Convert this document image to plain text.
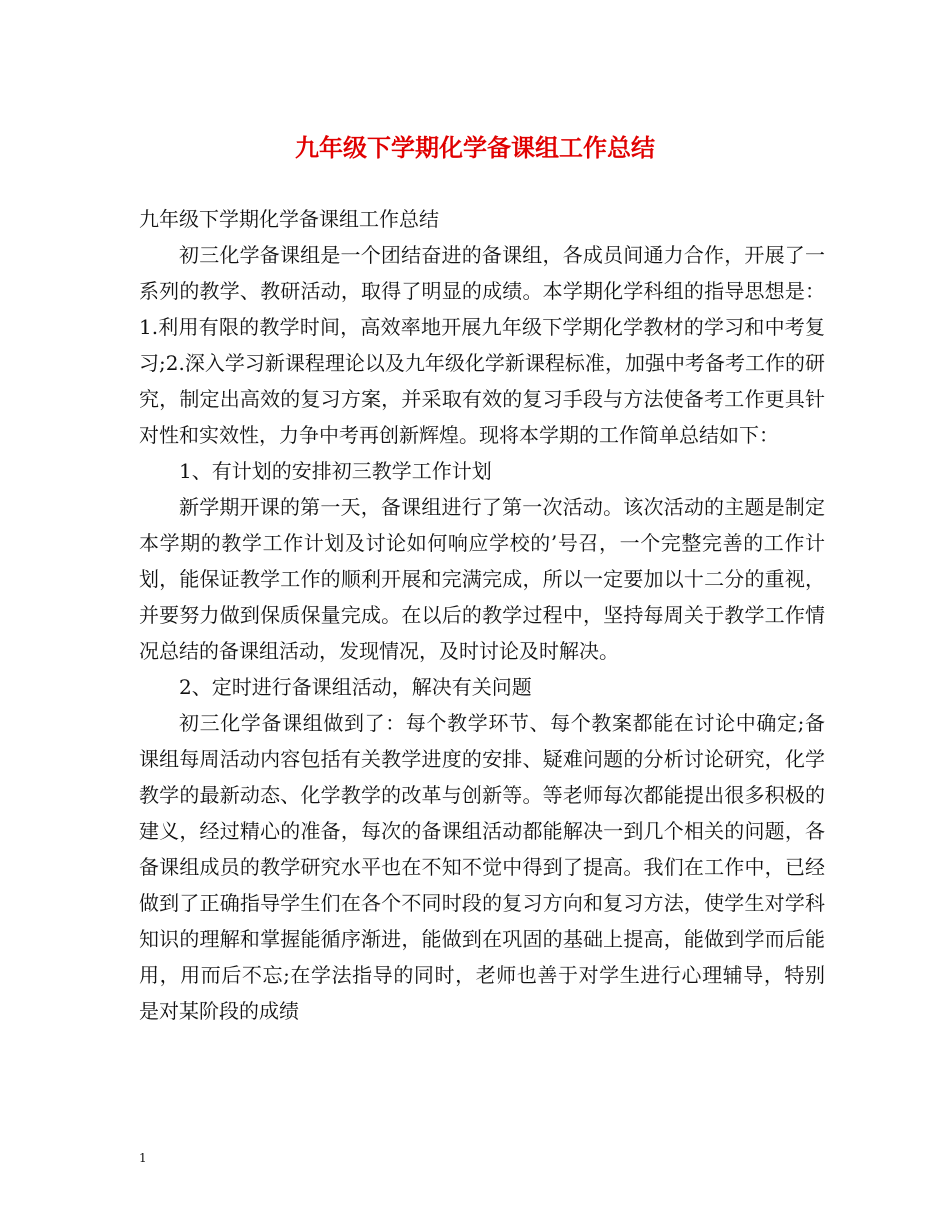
九年级下学期化学备课组工作总结

九年级下学期化学备课组工作总结

初三化学备课组是一个团结奋进的备课组，各成员间通力合作，开展了一系列的教学、教研活动，取得了明显的成绩。本学期化学科组的指导思想是：1.利用有限的教学时间，高效率地开展九年级下学期化学教材的学习和中考复习;2.深入学习新课程理论以及九年级化学新课程标准，加强中考备考工作的研究，制定出高效的复习方案，并采取有效的复习手段与方法使备考工作更具针对性和实效性，力争中考再创新辉煌。现将本学期的工作简单总结如下：

1、有计划的安排初三教学工作计划

新学期开课的第一天，备课组进行了第一次活动。该次活动的主题是制定本学期的教学工作计划及讨论如何响应学校的’号召，一个完整完善的工作计划，能保证教学工作的顺利开展和完满完成，所以一定要加以十二分的重视，并要努力做到保质保量完成。在以后的教学过程中，坚持每周关于教学工作情况总结的备课组活动，发现情况，及时讨论及时解决。

2、定时进行备课组活动，解决有关问题

初三化学备课组做到了：每个教学环节、每个教案都能在讨论中确定;备课组每周活动内容包括有关教学进度的安排、疑难问题的分析讨论研究，化学教学的最新动态、化学教学的改革与创新等。等老师每次都能提出很多积极的建义，经过精心的准备，每次的备课组活动都能解决一到几个相关的问题，各备课组成员的教学研究水平也在不知不觉中得到了提高。我们在工作中，已经做到了正确指导学生们在各个不同时段的复习方向和复习方法，使学生对学科知识的理解和掌握能循序渐进，能做到在巩固的基础上提高，能做到学而后能用，用而后不忘;在学法指导的同时，老师也善于对学生进行心理辅导，特别是对某阶段的成绩

1
